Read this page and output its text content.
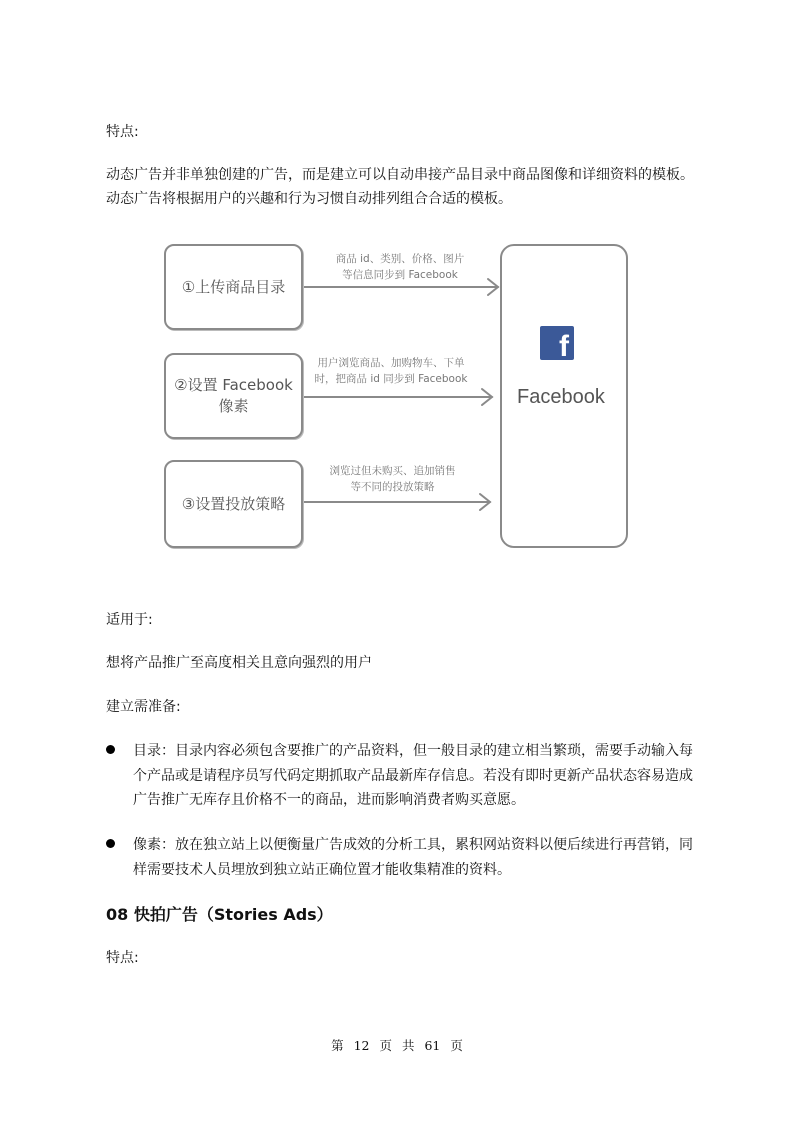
特点:
动态广告并非单独创建的广告，而是建立可以自动串接产品目录中商品图像和详细资料的模板。
动态广告将根据用户的兴趣和行为习惯自动排列组合合适的模板。
①上传商品目录
商品 id、类别、价格、图片
等信息同步到 Facebook
②设置 Facebook
像素
用户浏览商品、加购物车、下单
时，把商品 id 同步到 Facebook
③设置投放策略
浏览过但未购买、追加销售
等不同的投放策略
f
Facebook
适用于:
想将产品推广至高度相关且意向强烈的用户
建立需准备:
目录：目录内容必须包含要推广的产品资料，但一般目录的建立相当繁琐，需要手动输入每个产品或是请程序员写代码定期抓取产品最新库存信息。若没有即时更新产品状态容易造成广告推广无库存且价格不一的商品，进而影响消费者购买意愿。
像素：放在独立站上以便衡量广告成效的分析工具，累积网站资料以便后续进行再营销，同样需要技术人员埋放到独立站正确位置才能收集精准的资料。
08 快拍广告（Stories Ads）
特点:
第 12 页 共 61 页
